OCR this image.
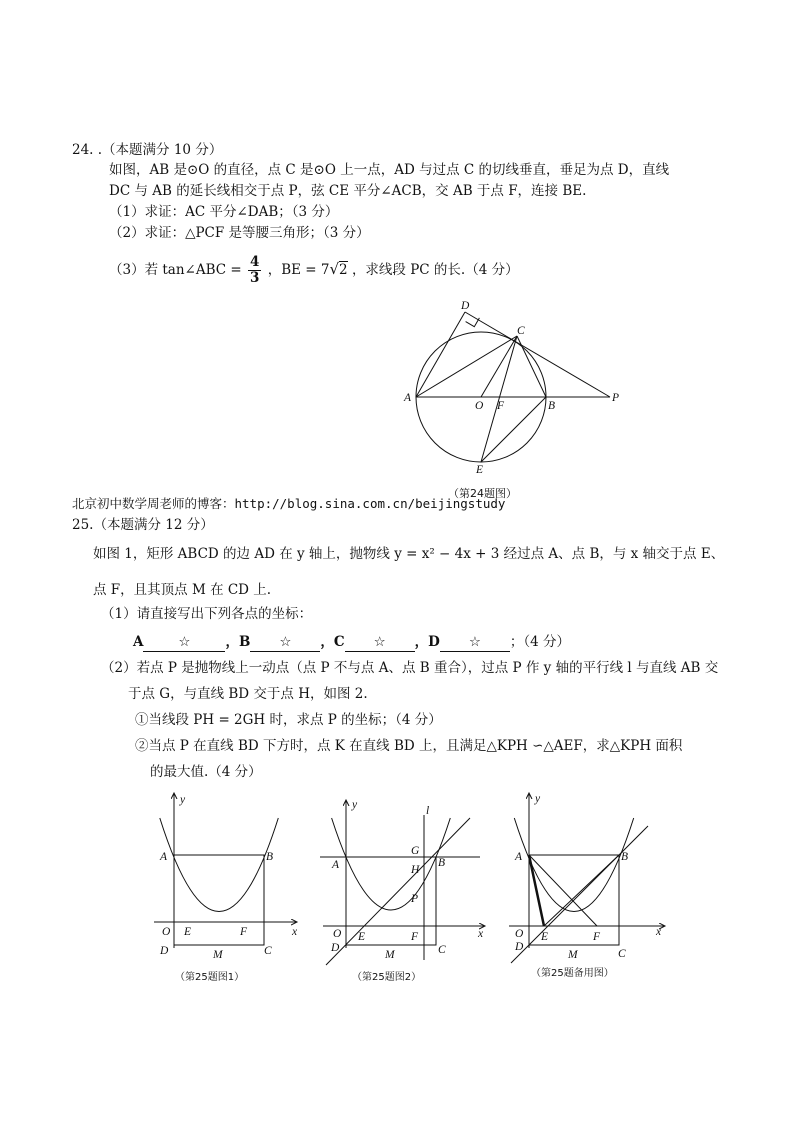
24. .（本题满分 10 分）
如图，AB 是⊙O 的直径，点 C 是⊙O 上一点，AD 与过点 C 的切线垂直，垂足为点 D，直线
DC 与 AB 的延长线相交于点 P，弦 CE 平分∠ACB，交 AB 于点 F，连接 BE.
（1）求证：AC 平分∠DAB；（3 分）
（2）求证：△PCF 是等腰三角形；（3 分）
（3）若 tan∠ABC = $\frac{4}{3}$ ，BE = 7√2 ，求线段 PC 的长.（4 分）
D
C
A
O F	B
P
E
（第24题图）
北京初中数学周老师的博客：http://blog.sina.com.cn/beijingstudy
25.（本题满分 12 分）
如图 1，矩形 ABCD 的边 AD 在 y 轴上，抛物线 y = x² − 4x + 3 经过点 A、点 B，与 x 轴交于点 E、
点 F，且其顶点 M 在 CD 上.
（1）请直接写出下列各点的坐标：
A	☆	，B ☆ ，C ☆ ，D ☆ ；（4 分）
（2）若点 P 是抛物线上一动点（点 P 不与点 A、点 B 重合），过点 P 作 y 轴的平行线 l 与直线 AB 交
于点 G，与直线 BD 交于点 H，如图 2.
①当线段 PH = 2GH 时，求点 P 的坐标；（4 分）
②当点 P 在直线 BD 下方时，点 K 在直线 BD 上，且满足△KPH ∽△AEF，求△KPH 面积
的最大值.（4 分）
y
x
A	B
O E	F
D	M	C
（第25题图1）
y
x
l
A	B
G
H
P
O E	F
D
M	C
（第25题图2）
y
x
A	B
O E	F
D
M	C
（第25题备用图）
